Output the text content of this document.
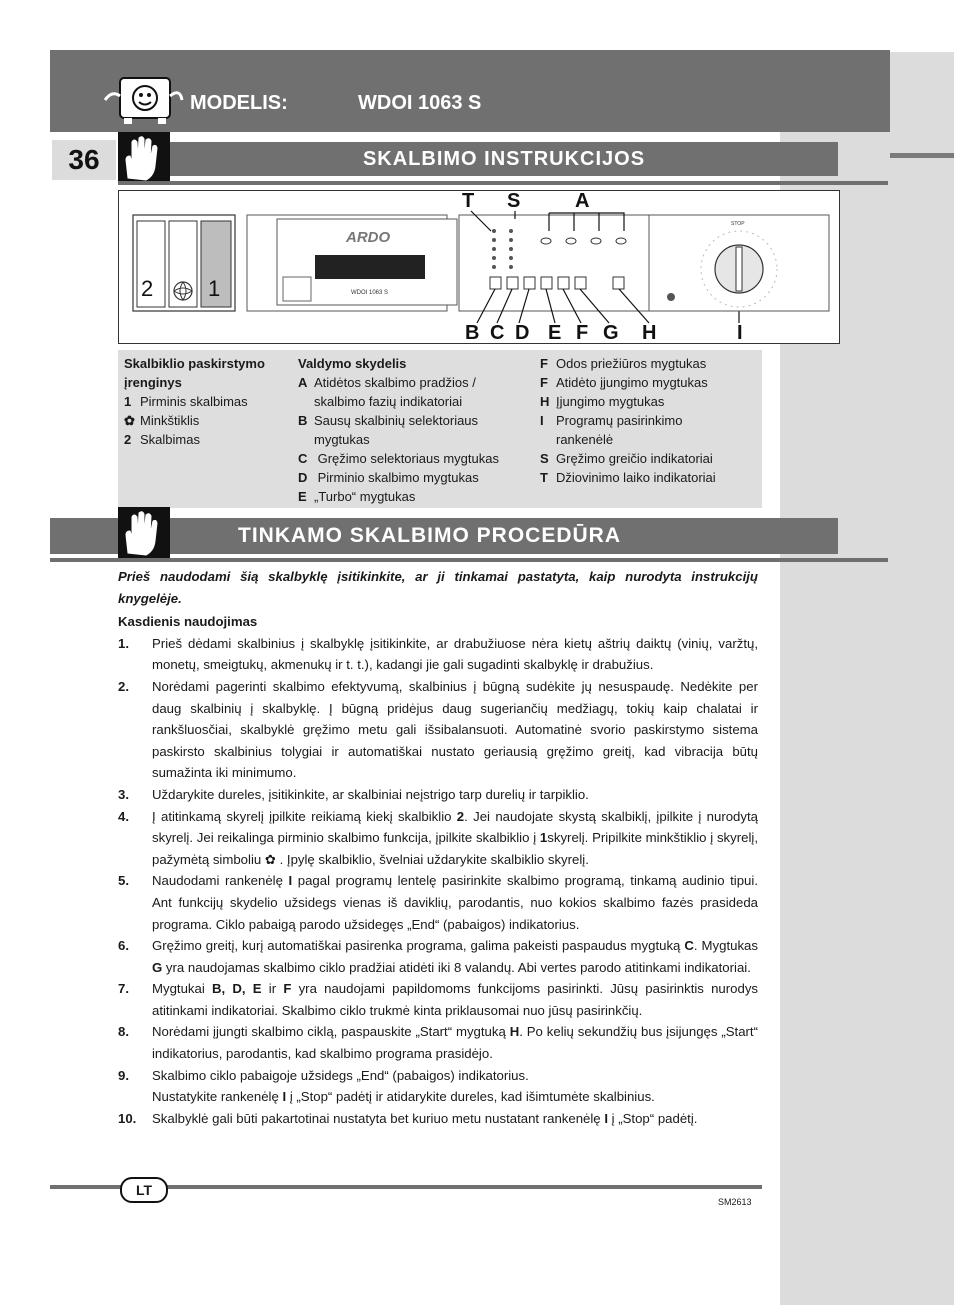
MODELIS:	WDOI 1063 S
36	SKALBIMO INSTRUKCIJOS
T S	A
ARDO
WDOI 1063 S
2 1
STOP
B C D E F G H	I
Skalbiklio paskirstymo įrenginys
1 Pirminis skalbimas
✿ Minkštiklis
2 Skalbimas
Valdymo skydelis
A Atidėtos skalbimo pradžios /
skalbimo fazių indikatoriai
B Sausų skalbinių selektoriaus
mygtukas
C Gręžimo selektoriaus mygtukas
D Pirminio skalbimo mygtukas
E „Turbo“ mygtukas
F Odos priežiūros mygtukas
F Atidėto įjungimo mygtukas
H Įjungimo mygtukas
I Programų pasirinkimo
rankenėlė
S Gręžimo greičio indikatoriai
T Džiovinimo laiko indikatoriai
TINKAMO SKALBIMO PROCEDŪRA
Prieš naudodami šią skalbyklę įsitikinkite, ar ji tinkamai pastatyta, kaip nurodyta instrukcijų knygelėje.
Kasdienis naudojimas
1. Prieš dėdami skalbinius į skalbyklę įsitikinkite, ar drabužiuose nėra kietų aštrių daiktų (vinių, varžtų, monetų, smeigtukų, akmenukų ir t. t.), kadangi jie gali sugadinti skalbyklę ir drabužius.
2. Norėdami pagerinti skalbimo efektyvumą, skalbinius į būgną sudėkite jų nesuspaudę. Nedėkite per daug skalbinių į skalbyklę. Į būgną pridėjus daug sugeriančių medžiagų, tokių kaip chalatai ir rankšluosčiai, skalbyklė gręžimo metu gali išsibalansuoti. Automatinė svorio paskirstymo sistema paskirsto skalbinius tolygiai ir automatiškai nustato geriausią gręžimo greitį, kad vibracija būtų sumažinta iki minimumo.
3. Uždarykite dureles, įsitikinkite, ar skalbiniai neįstrigo tarp durelių ir tarpiklio.
4. Į atitinkamą skyrelį įpilkite reikiamą kiekį skalbiklio 2. Jei naudojate skystą skalbiklį, įpilkite į nurodytą skyrelį. Jei reikalinga pirminio skalbimo funkcija, įpilkite skalbiklio į 1skyrelį. Pripilkite minkštiklio į skyrelį, pažymėtą simboliu ✿ . Įpylę skalbiklio, švelniai uždarykite skalbiklio skyrelį.
5. Naudodami rankenėlę I pagal programų lentelę pasirinkite skalbimo programą, tinkamą audinio tipui. Ant funkcijų skydelio užsidegs vienas iš daviklių, parodantis, nuo kokios skalbimo fazės prasideda programa. Ciklo pabaigą parodo užsidegęs „End“ (pabaigos) indikatorius.
6. Gręžimo greitį, kurį automatiškai pasirenka programa, galima pakeisti paspaudus mygtuką C. Mygtukas G yra naudojamas skalbimo ciklo pradžiai atidėti iki 8 valandų. Abi vertes parodo atitinkami indikatoriai.
7. Mygtukai B, D, E ir F yra naudojami papildomoms funkcijoms pasirinkti. Jūsų pasirinktis nurodys atitinkami indikatoriai. Skalbimo ciklo trukmė kinta priklausomai nuo jūsų pasirinkčių.
8. Norėdami įjungti skalbimo ciklą, paspauskite „Start“ mygtuką H. Po kelių sekundžių bus įsijungęs „Start“ indikatorius, parodantis, kad skalbimo programa prasidėjo.
9. Skalbimo ciklo pabaigoje užsidegs „End“ (pabaigos) indikatorius.
Nustatykite rankenėlę I į „Stop“ padėtį ir atidarykite dureles, kad išimtumėte skalbinius.
10. Skalbyklė gali būti pakartotinai nustatyta bet kuriuo metu nustatant rankenėlę I į „Stop“ padėtį.
LT
SM2613
